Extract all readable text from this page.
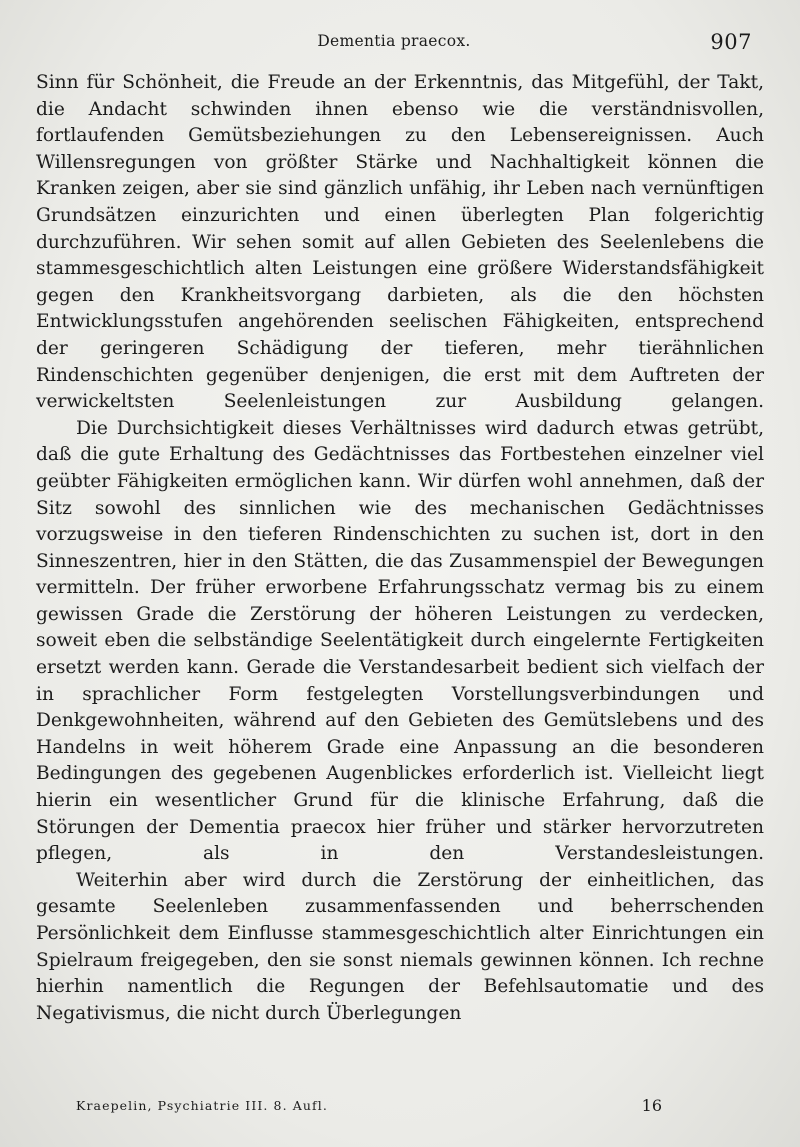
Dementia praecox.	907

Sinn für Schönheit, die Freude an der Erkenntnis, das Mitgefühl, der Takt, die Andacht schwinden ihnen ebenso wie die verständnisvollen, fortlaufenden Gemütsbeziehungen zu den Lebensereignissen. Auch Willensregungen von größter Stärke und Nachhaltigkeit können die Kranken zeigen, aber sie sind gänzlich unfähig, ihr Leben nach vernünftigen Grundsätzen einzurichten und einen überlegten Plan folgerichtig durchzuführen. Wir sehen somit auf allen Gebieten des Seelenlebens die stammesgeschichtlich alten Leistungen eine größere Widerstandsfähigkeit gegen den Krankheitsvorgang darbieten, als die den höchsten Entwicklungsstufen angehörenden seelischen Fähigkeiten, entsprechend der geringeren Schädigung der tieferen, mehr tierähnlichen Rindenschichten gegenüber denjenigen, die erst mit dem Auftreten der verwickeltsten Seelenleistungen zur Ausbildung gelangen.

Die Durchsichtigkeit dieses Verhältnisses wird dadurch etwas getrübt, daß die gute Erhaltung des Gedächtnisses das Fortbestehen einzelner viel geübter Fähigkeiten ermöglichen kann. Wir dürfen wohl annehmen, daß der Sitz sowohl des sinnlichen wie des mechanischen Gedächtnisses vorzugsweise in den tieferen Rindenschichten zu suchen ist, dort in den Sinneszentren, hier in den Stätten, die das Zusammenspiel der Bewegungen vermitteln. Der früher erworbene Erfahrungsschatz vermag bis zu einem gewissen Grade die Zerstörung der höheren Leistungen zu verdecken, soweit eben die selbständige Seelentätigkeit durch eingelernte Fertigkeiten ersetzt werden kann. Gerade die Verstandesarbeit bedient sich vielfach der in sprachlicher Form festgelegten Vorstellungsverbindungen und Denkgewohnheiten, während auf den Gebieten des Gemütslebens und des Handelns in weit höherem Grade eine Anpassung an die besonderen Bedingungen des gegebenen Augenblickes erforderlich ist. Vielleicht liegt hierin ein wesentlicher Grund für die klinische Erfahrung, daß die Störungen der Dementia praecox hier früher und stärker hervorzutreten pflegen, als in den Verstandesleistungen.

Weiterhin aber wird durch die Zerstörung der einheitlichen, das gesamte Seelenleben zusammenfassenden und beherrschenden Persönlichkeit dem Einflusse stammesgeschichtlich alter Einrichtungen ein Spielraum freigegeben, den sie sonst niemals gewinnen können. Ich rechne hierhin namentlich die Regungen der Befehlsautomatie und des Negativismus, die nicht durch Überlegungen

Kraepelin, Psychiatrie III. 8. Aufl.	16
